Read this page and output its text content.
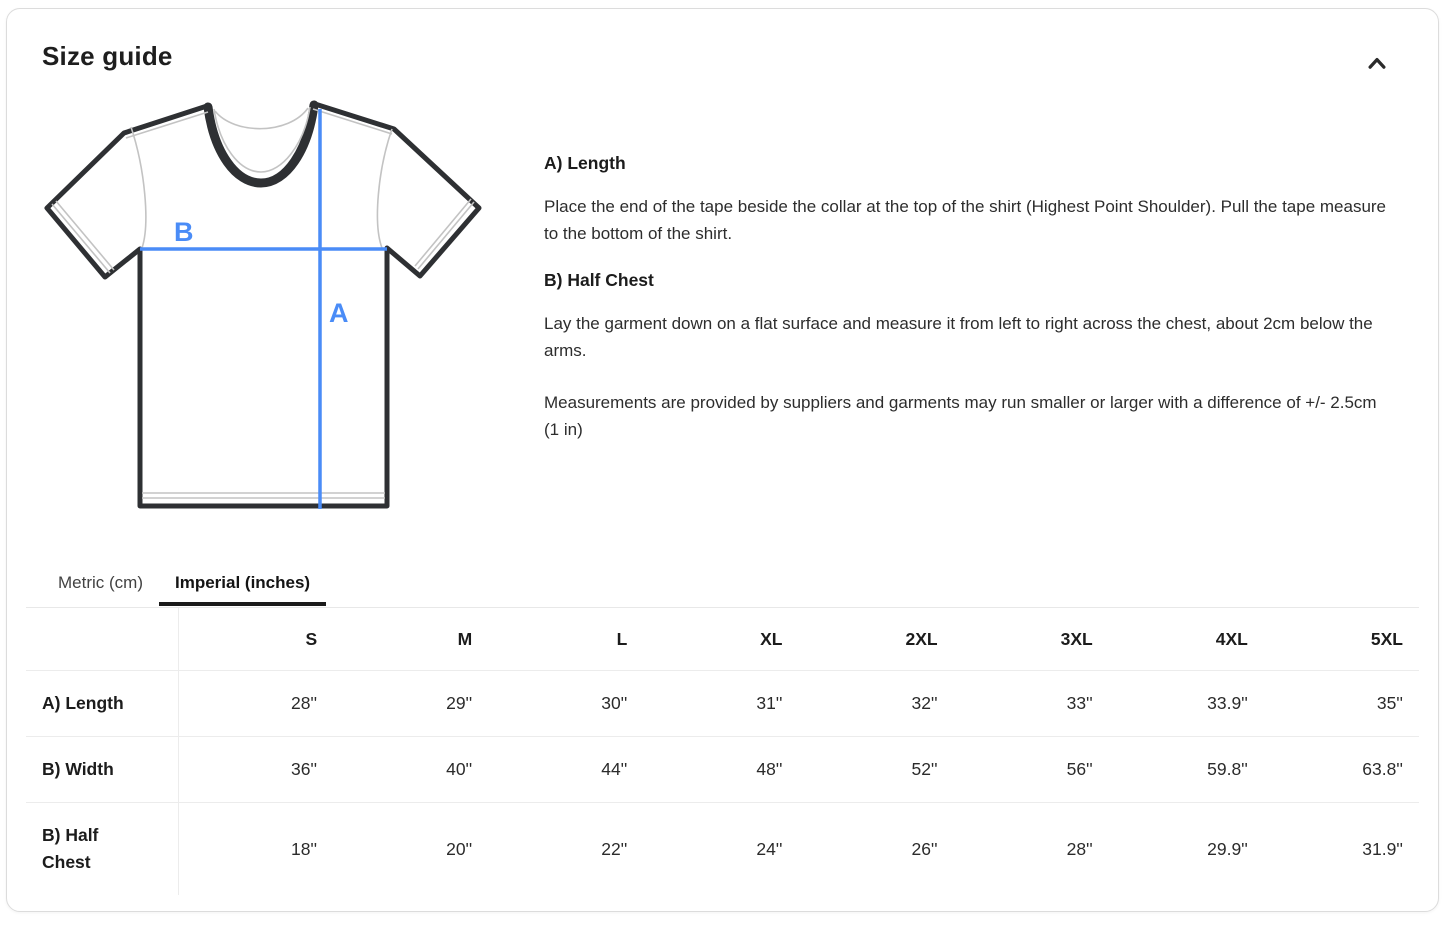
Size guide
B
A
A) Length

Place the end of the tape beside the collar at the top of the shirt (Highest Point Shoulder). Pull the tape measure to the bottom of the shirt.

B) Half Chest

Lay the garment down on a flat surface and measure it from left to right across the chest, about 2cm below the arms.

Measurements are provided by suppliers and garments may run smaller or larger with a difference of +/- 2.5cm (1 in)

Metric (cm)	Imperial (inches)
	S	M	L	XL	2XL	3XL	4XL	5XL
A) Length	28''	29''	30''	31''	32''	33''	33.9''	35''
B) Width	36''	40''	44''	48''	52''	56''	59.8''	63.8''
B) Half Chest	18''	20''	22''	24''	26''	28''	29.9''	31.9''
